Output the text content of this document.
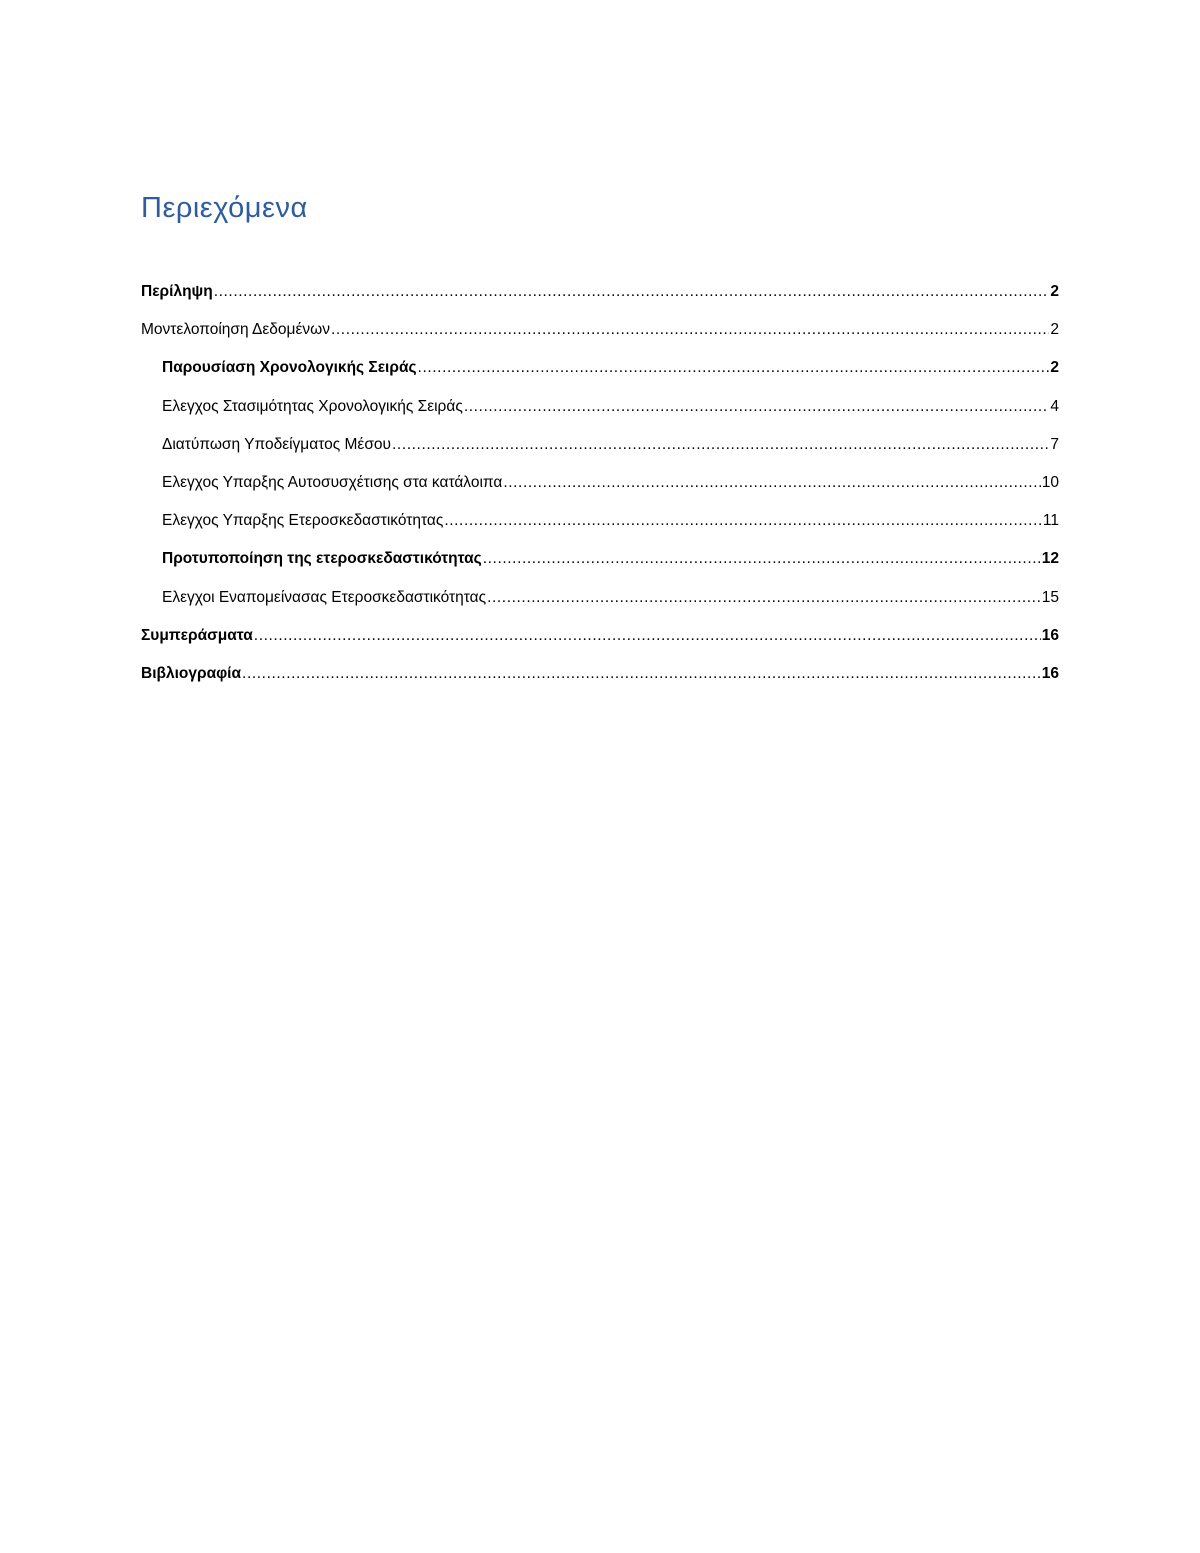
Περιεχόμενα
Περίληψη .....	2
Μοντελοποίηση Δεδομένων .....	2
Παρουσίαση Χρονολογικής Σειράς .....	2
Ελεγχος Στασιμότητας Χρονολογικής Σειράς .....	4
Διατύπωση Υποδείγματος Μέσου .....	7
Ελεγχος Υπαρξης Αυτοσυσχέτισης στα κατάλοιπα .....	10
Ελεγχος Υπαρξης Ετεροσκεδαστικότητας .....	11
Προτυποποίηση της ετεροσκεδαστικότητας .....	12
Ελεγχοι Εναπομείνασας Ετεροσκεδαστικότητας .....	15
Συμπεράσματα .....	16
Βιβλιογραφία .....	16
